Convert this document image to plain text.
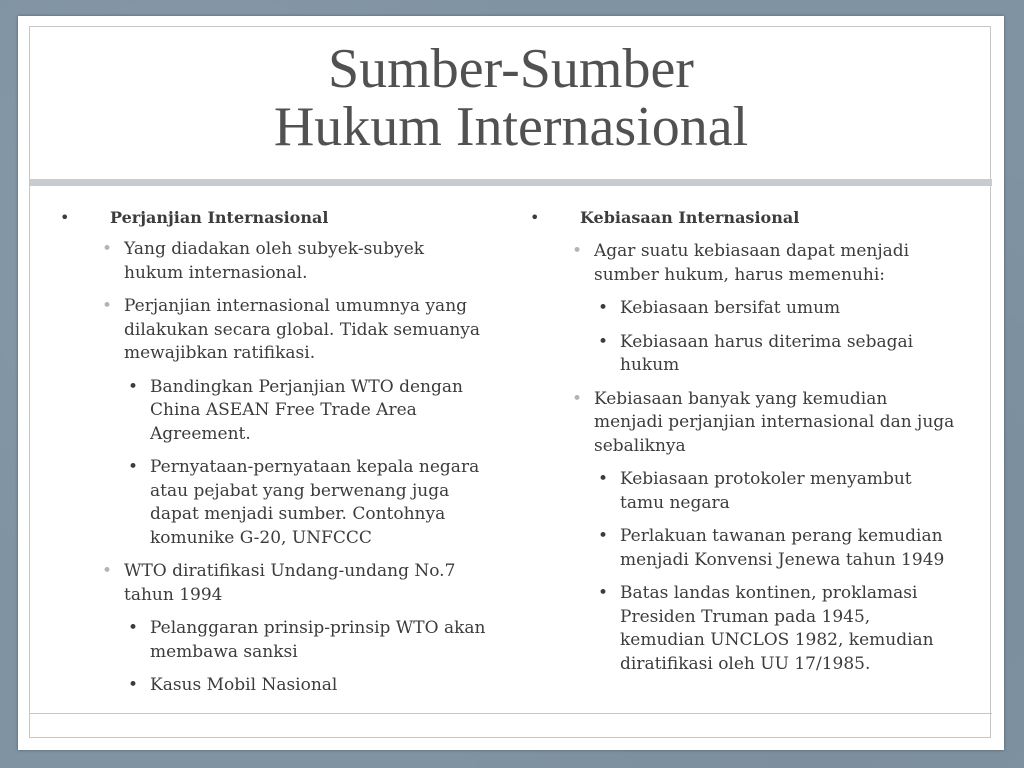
Sumber-Sumber
Hukum Internasional
• Perjanjian Internasional
• Yang diadakan oleh subyek-subyek hukum internasional.
• Perjanjian internasional umumnya yang dilakukan secara global. Tidak semuanya mewajibkan ratifikasi.
• Bandingkan Perjanjian WTO dengan China ASEAN Free Trade Area Agreement.
• Pernyataan-pernyataan kepala negara atau pejabat yang berwenang juga dapat menjadi sumber. Contohnya komunike G-20, UNFCCC
• WTO diratifikasi Undang-undang No.7 tahun 1994
• Pelanggaran prinsip-prinsip WTO akan membawa sanksi
• Kasus Mobil Nasional
• Kebiasaan Internasional
• Agar suatu kebiasaan dapat menjadi sumber hukum, harus memenuhi:
• Kebiasaan bersifat umum
• Kebiasaan harus diterima sebagai hukum
• Kebiasaan banyak yang kemudian menjadi perjanjian internasional dan juga sebaliknya
• Kebiasaan protokoler menyambut tamu negara
• Perlakuan tawanan perang kemudian menjadi Konvensi Jenewa tahun 1949
• Batas landas kontinen, proklamasi Presiden Truman pada 1945, kemudian UNCLOS 1982, kemudian diratifikasi oleh UU 17/1985.
